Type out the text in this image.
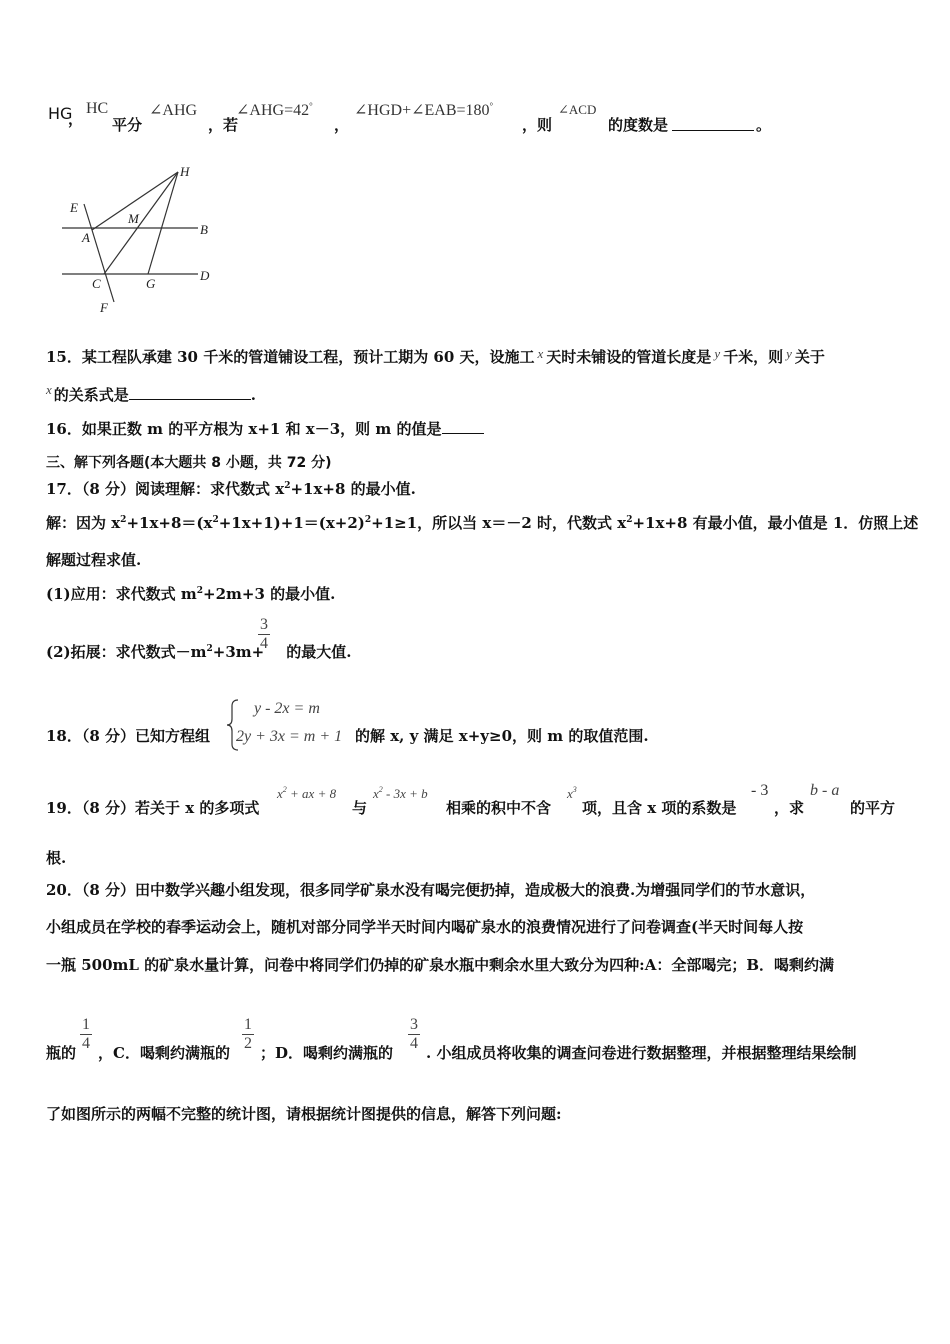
HG
，
HC
平分
∠AHG
，若
∠AHG=42°
，
∠HGD+∠EAB=180°
，则
∠ACD
的度数是	。
H
E
M
A
B
C	G
D
F
15．某工程队承建 30 千米的管道铺设工程，预计工期为 60 天，设施工 x 天时未铺设的管道长度是 y 千米，则 y 关于
x 的关系式是	.
16．如果正数 m 的平方根为 x+1 和 x－3，则 m 的值是
三、解下列各题(本大题共 8 小题，共 72 分)
17．（8 分）阅读理解：求代数式 $x^2+1x+8$ 的最小值.
解：因为 $x^2+1x+8=(x^2+1x+1)+1=(x+2)^2+1\ge 1$，所以当 x＝－2 时，代数式 $x^2+1x+8$ 有最小值，最小值是 1．仿照上述
解题过程求值.
(1)应用：求代数式 $m^2+2m+3$ 的最小值.
(2)拓展：求代数式$-m^2+3m+$ 的最大值.
$\frac{3}{4}$
18．（8 分）已知方程组
y - 2x = m
2y + 3x = m + 1 的解 x, y 满足 x+y≥0，则 m 的取值范围.
19．（8 分）若关于 x 的多项式
$x^2$ + ax + 8
与
$x^2 - 3x + b$
相乘的积中不含
$x^3$
项，且含 x 项的系数是
- 3
，求
b - a
的平方
根.
20．（8 分）田中数学兴趣小组发现，很多同学矿泉水没有喝完便扔掉，造成极大的浪费.为增强同学们的节水意识，
小组成员在学校的春季运动会上，随机对部分同学半天时间内喝矿泉水的浪费情况进行了问卷调查(半天时间每人按
一瓶 500mL 的矿泉水量计算，问卷中将同学们仍掉的矿泉水瓶中剩余水里大致分为四种:A：全部喝完；B．喝剩约满
瓶的 $\frac{1}{4}$ ，C．喝剩约满瓶的 $\frac{1}{2}$ ；D．喝剩约满瓶的 $\frac{3}{4}$ . 小组成员将收集的调查问卷进行数据整理，并根据整理结果绘制
了如图所示的两幅不完整的统计图，请根据统计图提供的信息，解答下列问题:
